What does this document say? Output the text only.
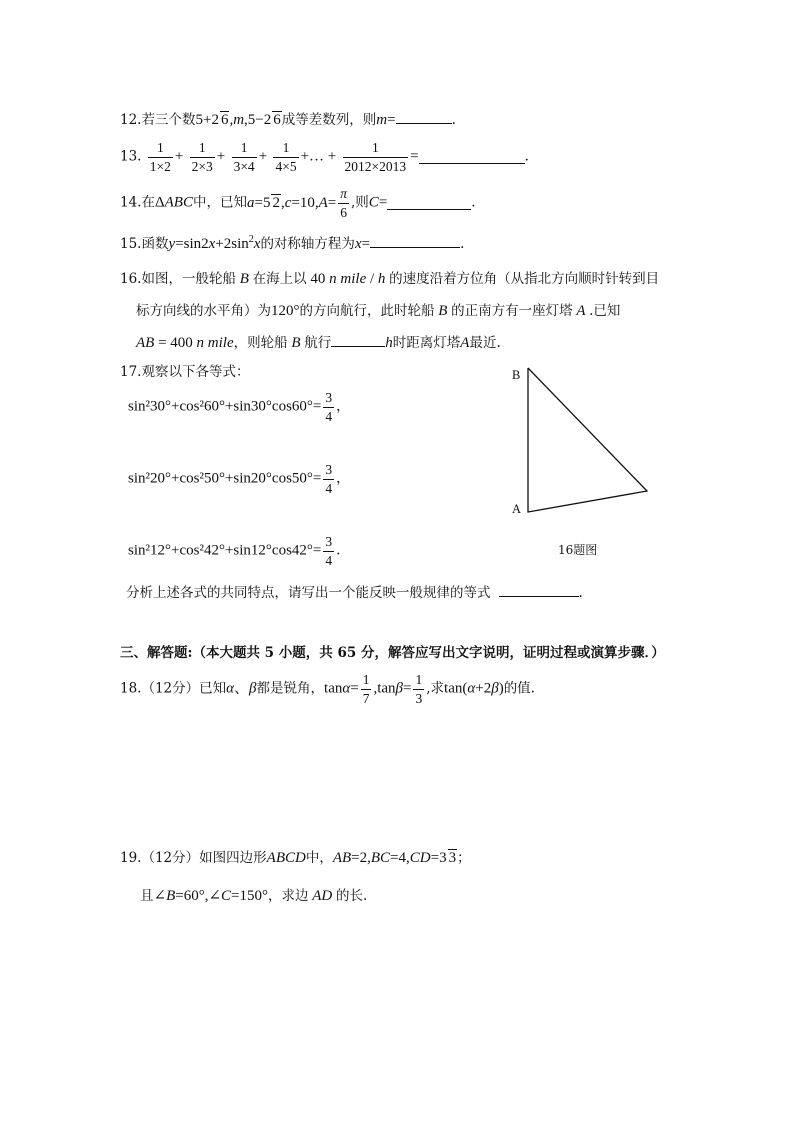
12.若三个数5+2 6,m,5−2 6成等差数列，则m=	.
13. $\frac{1}{1\times 2} + \frac{1}{2\times 3} + \frac{1}{3\times 4} + \frac{1}{4\times 5}$ +… + $\frac{1}{2012\times 2013}$ =	.
14.在ΔABC中，已知a=5 $2,c=10,A= \frac{\pi}{6}$ ,则C=	.
15.函数$y=\sin 2x+2\sin^2x$的对称轴方程为x=	.
16.如图，一般轮船 B 在海上以 40 n mile / h 的速度沿着方位角（从指北方向顺时针转到目
标方向线的水平角）为120°的方向航行，此时轮船 B 的正南方有一座灯塔 A .已知
AB = 400 n mile，则轮船 B 航行	h时距离灯塔A最近.
17.观察以下各等式：
$\sin^230^\circ+\cos^260^\circ+\sin 30^\circ\cos 60^\circ= \frac{3}{4}$ ，
$\sin^220^\circ+\cos^250^\circ+\sin 20^\circ\cos 50^\circ= \frac{3}{4}$ ，
$\sin^212^\circ+\cos^242^\circ+\sin 12^\circ\cos 42^\circ= \frac{3}{4}$ .
分析上述各式的共同特点，请写出一个能反映一般规律的等式	.
B
A
16题图
三、解答题:（本大题共 5 小题，共 65 分，解答应写出文字说明，证明过程或演算步骤．）
18.（12分）已知α、β都是锐角，$\tan\alpha= \frac{1}{7} ,\tan\beta= \frac{1}{3}$ ,求tan(α+2β)的值.
19.（12分）如图四边形ABCD中，AB=2,BC=4,CD=3 3；
且∠B=60°,∠C=150°，求边 AD 的长.
